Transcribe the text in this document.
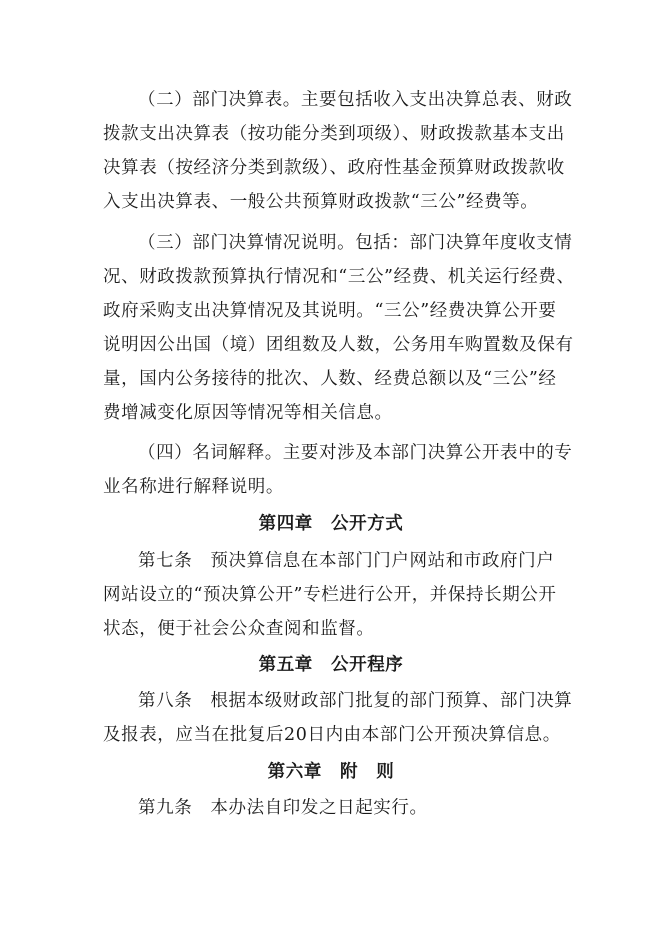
（二）部门决算表。主要包括收入支出决算总表、财政
拨款支出决算表（按功能分类到项级）、财政拨款基本支出
决算表（按经济分类到款级）、政府性基金预算财政拨款收
入支出决算表、一般公共预算财政拨款“三公”经费等。
（三）部门决算情况说明。包括：部门决算年度收支情
况、财政拨款预算执行情况和“三公”经费、机关运行经费、
政府采购支出决算情况及其说明。“三公”经费决算公开要
说明因公出国（境）团组数及人数，公务用车购置数及保有
量，国内公务接待的批次、人数、经费总额以及“三公”经
费增减变化原因等情况等相关信息。
（四）名词解释。主要对涉及本部门决算公开表中的专
业名称进行解释说明。
第四章　公开方式
第七条　预决算信息在本部门门户网站和市政府门户
网站设立的“预决算公开”专栏进行公开，并保持长期公开
状态，便于社会公众查阅和监督。
第五章　公开程序
第八条　根据本级财政部门批复的部门预算、部门决算
及报表，应当在批复后20日内由本部门公开预决算信息。
第六章　附　则
第九条　本办法自印发之日起实行。
